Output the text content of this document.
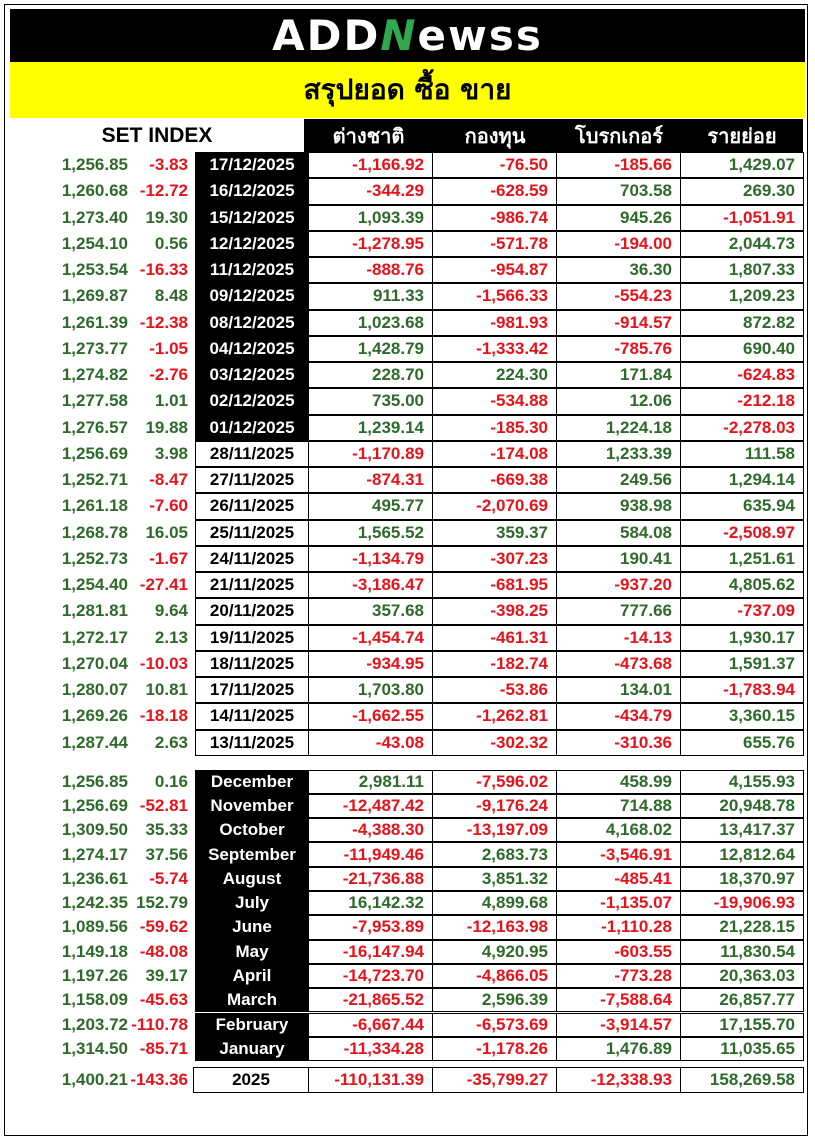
ADDNewss
สรุปยอด ซื้อ ขาย
SET INDEX	ต่างชาติ	กองทุน	โบรกเกอร์	รายย่อย
1,256.85	-3.83	17/12/2025	-1,166.92	-76.50	-185.66	1,429.07
1,260.68 -12.72	16/12/2025	-344.29	-628.59	703.58	269.30
1,273.40	19.30	15/12/2025	1,093.39	-986.74	945.26	-1,051.91
1,254.10	0.56	12/12/2025	-1,278.95	-571.78	-194.00	2,044.73
1,253.54 -16.33	11/12/2025	-888.76	-954.87	36.30	1,807.33
1,269.87	8.48	09/12/2025	911.33	-1,566.33	-554.23	1,209.23
1,261.39 -12.38	08/12/2025	1,023.68	-981.93	-914.57	872.82
1,273.77	-1.05	04/12/2025	1,428.79	-1,333.42	-785.76	690.40
1,274.82	-2.76	03/12/2025	228.70	224.30	171.84	-624.83
1,277.58	1.01	02/12/2025	735.00	-534.88	12.06	-212.18
1,276.57	19.88	01/12/2025	1,239.14	-185.30	1,224.18	-2,278.03
1,256.69	3.98	28/11/2025	-1,170.89	-174.08	1,233.39	111.58
1,252.71	-8.47	27/11/2025	-874.31	-669.38	249.56	1,294.14
1,261.18	-7.60	26/11/2025	495.77	-2,070.69	938.98	635.94
1,268.78	16.05	25/11/2025	1,565.52	359.37	584.08	-2,508.97
1,252.73	-1.67	24/11/2025	-1,134.79	-307.23	190.41	1,251.61
1,254.40 -27.41	21/11/2025	-3,186.47	-681.95	-937.20	4,805.62
1,281.81	9.64	20/11/2025	357.68	-398.25	777.66	-737.09
1,272.17	2.13	19/11/2025	-1,454.74	-461.31	-14.13	1,930.17
1,270.04 -10.03	18/11/2025	-934.95	-182.74	-473.68	1,591.37
1,280.07	10.81	17/11/2025	1,703.80	-53.86	134.01	-1,783.94
1,269.26 -18.18	14/11/2025	-1,662.55	-1,262.81	-434.79	3,360.15
1,287.44	2.63	13/11/2025	-43.08	-302.32	-310.36	655.76
1,256.85	0.16	December	2,981.11	-7,596.02	458.99	4,155.93
1,256.69 -52.81	November	-12,487.42	-9,176.24	714.88	20,948.78
1,309.50	35.33	October	-4,388.30	-13,197.09	4,168.02	13,417.37
1,274.17	37.56	September	-11,949.46	2,683.73	-3,546.91	12,812.64
1,236.61	-5.74	August	-21,736.88	3,851.32	-485.41	18,370.97
1,242.35 152.79	July	16,142.32	4,899.68	-1,135.07	-19,906.93
1,089.56 -59.62	June	-7,953.89	-12,163.98	-1,110.28	21,228.15
1,149.18 -48.08	May	-16,147.94	4,920.95	-603.55	11,830.54
1,197.26	39.17	April	-14,723.70	-4,866.05	-773.28	20,363.03
1,158.09 -45.63	March	-21,865.52	2,596.39	-7,588.64	26,857.77
1,203.72 -110.78	February	-6,667.44	-6,573.69	-3,914.57	17,155.70
1,314.50 -85.71	January	-11,334.28	-1,178.26	1,476.89	11,035.65
1,400.21 -143.36	2025	-110,131.39	-35,799.27	-12,338.93	158,269.58
